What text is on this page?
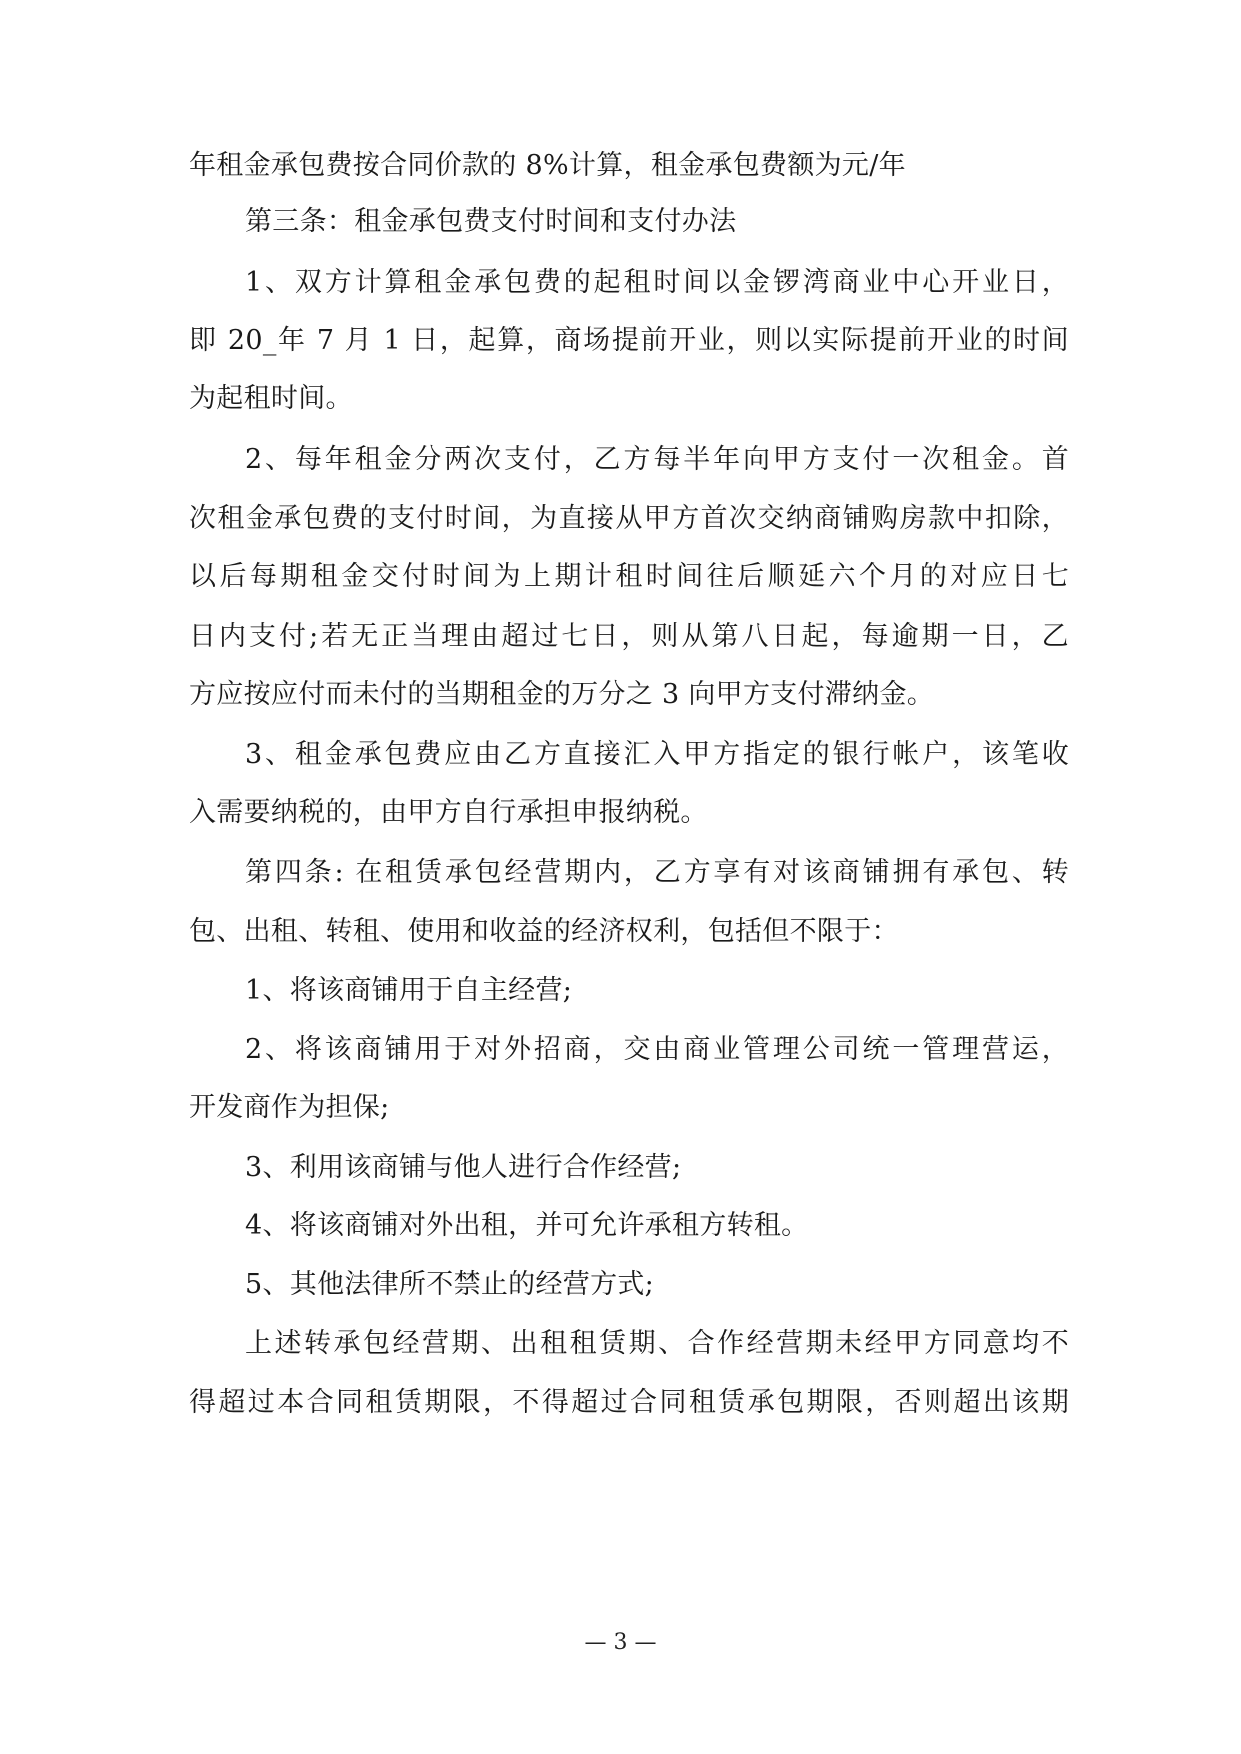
年租金承包费按合同价款的 8%计算，租金承包费额为元/年
第三条：租金承包费支付时间和支付办法
1、双方计算租金承包费的起租时间以金锣湾商业中心开业日，
即 20_年 7 月 1 日，起算，商场提前开业，则以实际提前开业的时间
为起租时间。
2、每年租金分两次支付，乙方每半年向甲方支付一次租金。首
次租金承包费的支付时间，为直接从甲方首次交纳商铺购房款中扣除，
以后每期租金交付时间为上期计租时间往后顺延六个月的对应日七
日内支付;若无正当理由超过七日，则从第八日起，每逾期一日，乙
方应按应付而未付的当期租金的万分之 3 向甲方支付滞纳金。
3、租金承包费应由乙方直接汇入甲方指定的银行帐户，该笔收
入需要纳税的，由甲方自行承担申报纳税。
第四条: 在租赁承包经营期内，乙方享有对该商铺拥有承包、转
包、出租、转租、使用和收益的经济权利，包括但不限于：
1、将该商铺用于自主经营;
2、将该商铺用于对外招商，交由商业管理公司统一管理营运，
开发商作为担保;
3、利用该商铺与他人进行合作经营;
4、将该商铺对外出租，并可允许承租方转租。
5、其他法律所不禁止的经营方式;
上述转承包经营期、出租租赁期、合作经营期未经甲方同意均不
得超过本合同租赁期限，不得超过合同租赁承包期限，否则超出该期
— 3 —
